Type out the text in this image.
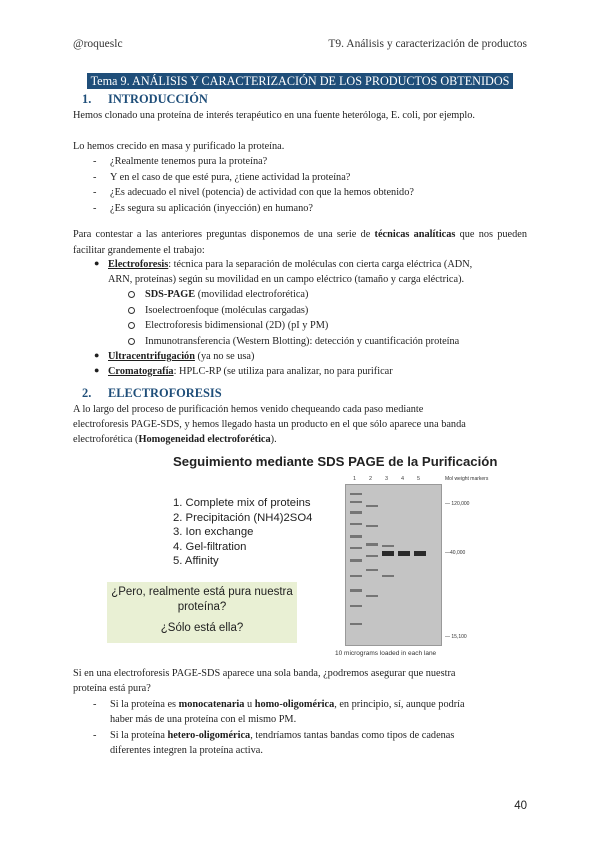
@roqueslc	T9. Análisis y caracterización de productos
Tema 9. ANÁLISIS Y CARACTERIZACIÓN DE LOS PRODUCTOS OBTENIDOS
1. INTRODUCCIÓN
Hemos clonado una proteína de interés terapéutico en una fuente heteróloga, E. coli, por ejemplo.
Lo hemos crecido en masa y purificado la proteína.
- ¿Realmente tenemos pura la proteína?
- Y en el caso de que esté pura, ¿tiene actividad la proteína?
- ¿Es adecuado el nivel (potencia) de actividad con que la hemos obtenido?
- ¿Es segura su aplicación (inyección) en humano?
Para contestar a las anteriores preguntas disponemos de una serie de técnicas analíticas que nos pueden facilitar grandemente el trabajo:
● Electroforesis: técnica para la separación de moléculas con cierta carga eléctrica (ADN,
ARN, proteínas) según su movilidad en un campo eléctrico (tamaño y carga eléctrica).
SDS-PAGE (movilidad electroforética)
Isoelectroenfoque (moléculas cargadas)
Electroforesis bidimensional (2D) (pI y PM)
Inmunotransferencia (Western Blotting): detección y cuantificación proteína
● Ultracentrifugación (ya no se usa)
● Cromatografía: HPLC-RP (se utiliza para analizar, no para purificar
2. ELECTROFORESIS
A lo largo del proceso de purificación hemos venido chequeando cada paso mediante
electroforesis PAGE-SDS, y hemos llegado hasta un producto en el que sólo aparece una banda
electroforética (Homogeneidad electroforética).
Seguimiento mediante SDS PAGE de la Purificación
1. Complete mix of proteins
2. Precipitación (NH4)2SO4
3. Ion exchange
4. Gel-filtration
5. Affinity
¿Pero, realmente está pura nuestra
proteína?
¿Sólo está ella?
1 2 3 4 5	Mol weight markers
— 120,000
—40,000
— 15,100
10 micrograms loaded in each lane
Si en una electroforesis PAGE-SDS aparece una sola banda, ¿podremos asegurar que nuestra
proteína está pura?
- Si la proteína es monocatenaria u homo-oligomérica, en principio, sí, aunque podría
haber más de una proteína con el mismo PM.
- Si la proteína hetero-oligomérica, tendríamos tantas bandas como tipos de cadenas
diferentes integren la proteína activa.
40
